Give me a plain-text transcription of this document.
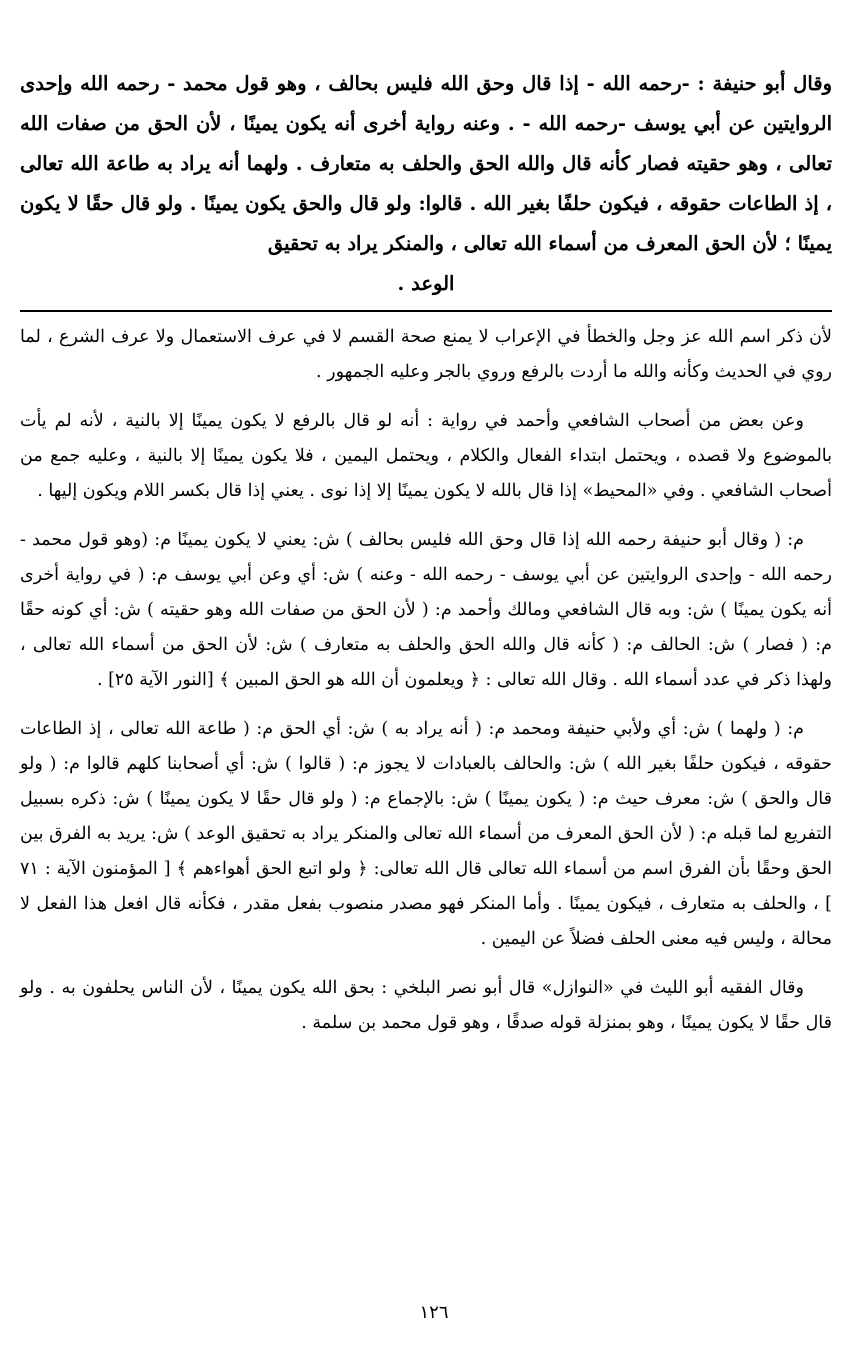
وقال أبو حنيفة : -رحمه الله - إذا قال وحق الله فليس بحالف ، وهو قول محمد - رحمه الله وإحدى الروايتين عن أبي يوسف -رحمه الله - . وعنه رواية أخرى أنه يكون يمينًا ، لأن الحق من صفات الله تعالى ، وهو حقيته فصار كأنه قال والله الحق والحلف به متعارف . ولهما أنه يراد به طاعة الله تعالى ، إذ الطاعات حقوقه ، فيكون حلفًا بغير الله . قالوا: ولو قال والحق يكون يمينًا . ولو قال حقًا لا يكون يمينًا ؛ لأن الحق المعرف من أسماء الله تعالى ، والمنكر يراد به تحقيق

الوعد .

لأن ذكر اسم الله عز وجل والخطأ في الإعراب لا يمنع صحة القسم لا في عرف الاستعمال ولا عرف الشرع ، لما روي في الحديث وكأنه والله ما أردت بالرفع وروي بالجر وعليه الجمهور .

وعن بعض من أصحاب الشافعي وأحمد في رواية : أنه لو قال بالرفع لا يكون يمينًا إلا بالنية ، لأنه لم يأت بالموضوع ولا قصده ، ويحتمل ابتداء الفعال والكلام ، ويحتمل اليمين ، فلا يكون يمينًا إلا بالنية ، وعليه جمع من أصحاب الشافعي . وفي «المحيط» إذا قال بالله لا يكون يمينًا إلا إذا نوى . يعني إذا قال بكسر اللام ويكون إليها .

م: ( وقال أبو حنيفة رحمه الله إذا قال وحق الله فليس بحالف ) ش: يعني لا يكون يمينًا م: (وهو قول محمد - رحمه الله - وإحدى الروايتين عن أبي يوسف - رحمه الله - وعنه ) ش: أي وعن أبي يوسف م: ( في رواية أخرى أنه يكون يمينًا ) ش: وبه قال الشافعي ومالك وأحمد م: ( لأن الحق من صفات الله وهو حقيته ) ش: أي كونه حقًا م: ( فصار ) ش: الحالف م: ( كأنه قال والله الحق والحلف به متعارف ) ش: لأن الحق من أسماء الله تعالى ، ولهذا ذكر في عدد أسماء الله . وقال الله تعالى : ﴿ ويعلمون أن الله هو الحق المبين ﴾ [النور الآية ٢٥] .

م: ( ولهما ) ش: أي ولأبي حنيفة ومحمد م: ( أنه يراد به ) ش: أي الحق م: ( طاعة الله تعالى ، إذ الطاعات حقوقه ، فيكون حلفًا بغير الله ) ش: والحالف بالعبادات لا يجوز م: ( قالوا ) ش: أي أصحابنا كلهم قالوا م: ( ولو قال والحق ) ش: معرف حيث م: ( يكون يمينًا ) ش: بالإجماع م: ( ولو قال حقًا لا يكون يمينًا ) ش: ذكره بسبيل التفريع لما قبله م: ( لأن الحق المعرف من أسماء الله تعالى والمنكر يراد به تحقيق الوعد ) ش: يريد به الفرق بين الحق وحقًا بأن الفرق اسم من أسماء الله تعالى قال الله تعالى: ﴿ ولو اتبع الحق أهواءهم ﴾ [ المؤمنون الآية : ٧١ ] ، والحلف به متعارف ، فيكون يمينًا . وأما المنكر فهو مصدر منصوب بفعل مقدر ، فكأنه قال افعل هذا الفعل لا محالة ، وليس فيه معنى الحلف فضلاً عن اليمين .

وقال الفقيه أبو الليث في «النوازل» قال أبو نصر البلخي : بحق الله يكون يمينًا ، لأن الناس يحلفون به . ولو قال حقًا لا يكون يمينًا ، وهو بمنزلة قوله صدقًا ، وهو قول محمد بن سلمة .

١٢٦
